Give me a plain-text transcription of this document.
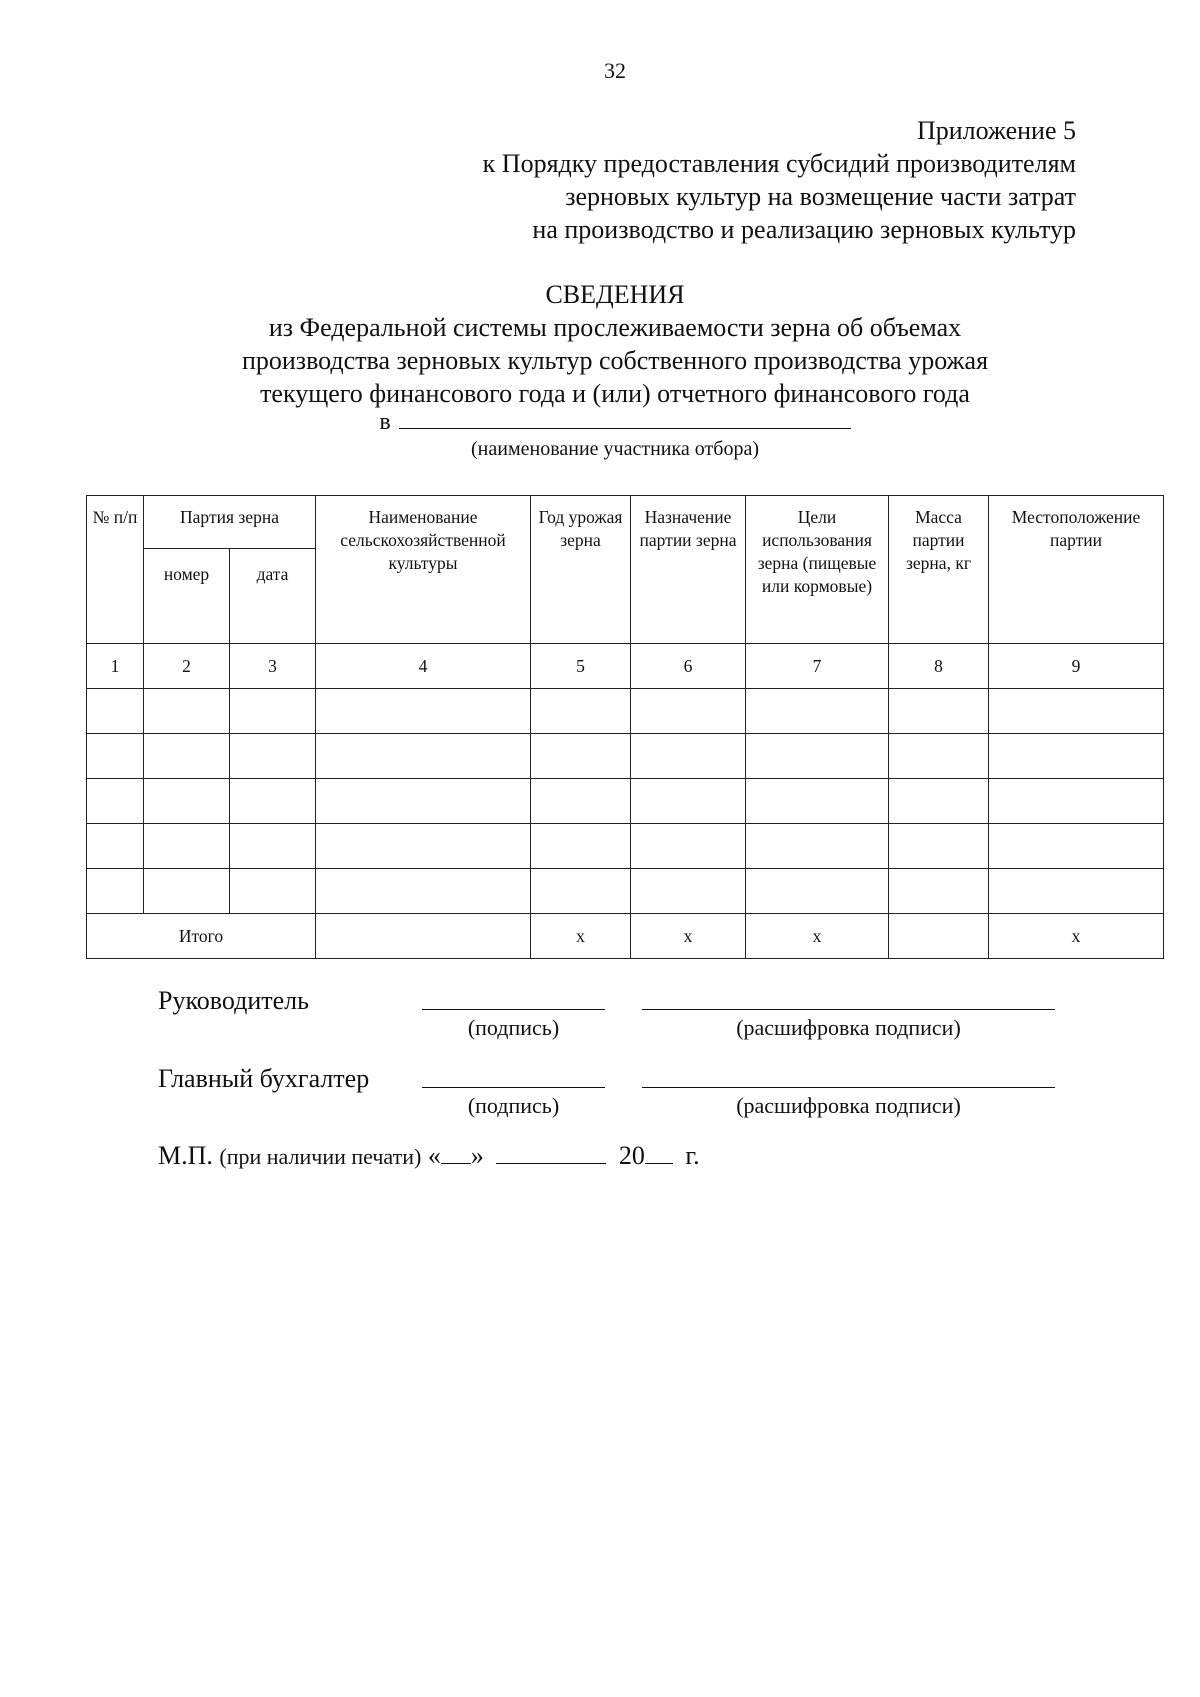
32
Приложение 5
к Порядку предоставления субсидий производителям
зерновых культур на возмещение части затрат
на производство и реализацию зерновых культур
СВЕДЕНИЯ
из Федеральной системы прослеживаемости зерна об объемах
производства зерновых культур собственного производства урожая
текущего финансового года и (или) отчетного финансового года
в
(наименование участника отбора)
№ п/п	Партия зерна		Наименование сельскохозяйственной культуры	Год урожая зерна	Назначение партии зерна	Цели использования зерна (пищевые или кормовые)	Масса партии зерна, кг	Местоположение партии
	номер	дата						
1	2	3	4	5	6	7	8	9

Итого				х	х	х		х
Руководитель
(подпись)	(расшифровка подписи)
Главный бухгалтер
(подпись)	(расшифровка подписи)
М.П. (при наличии печати) « »	20 г.
